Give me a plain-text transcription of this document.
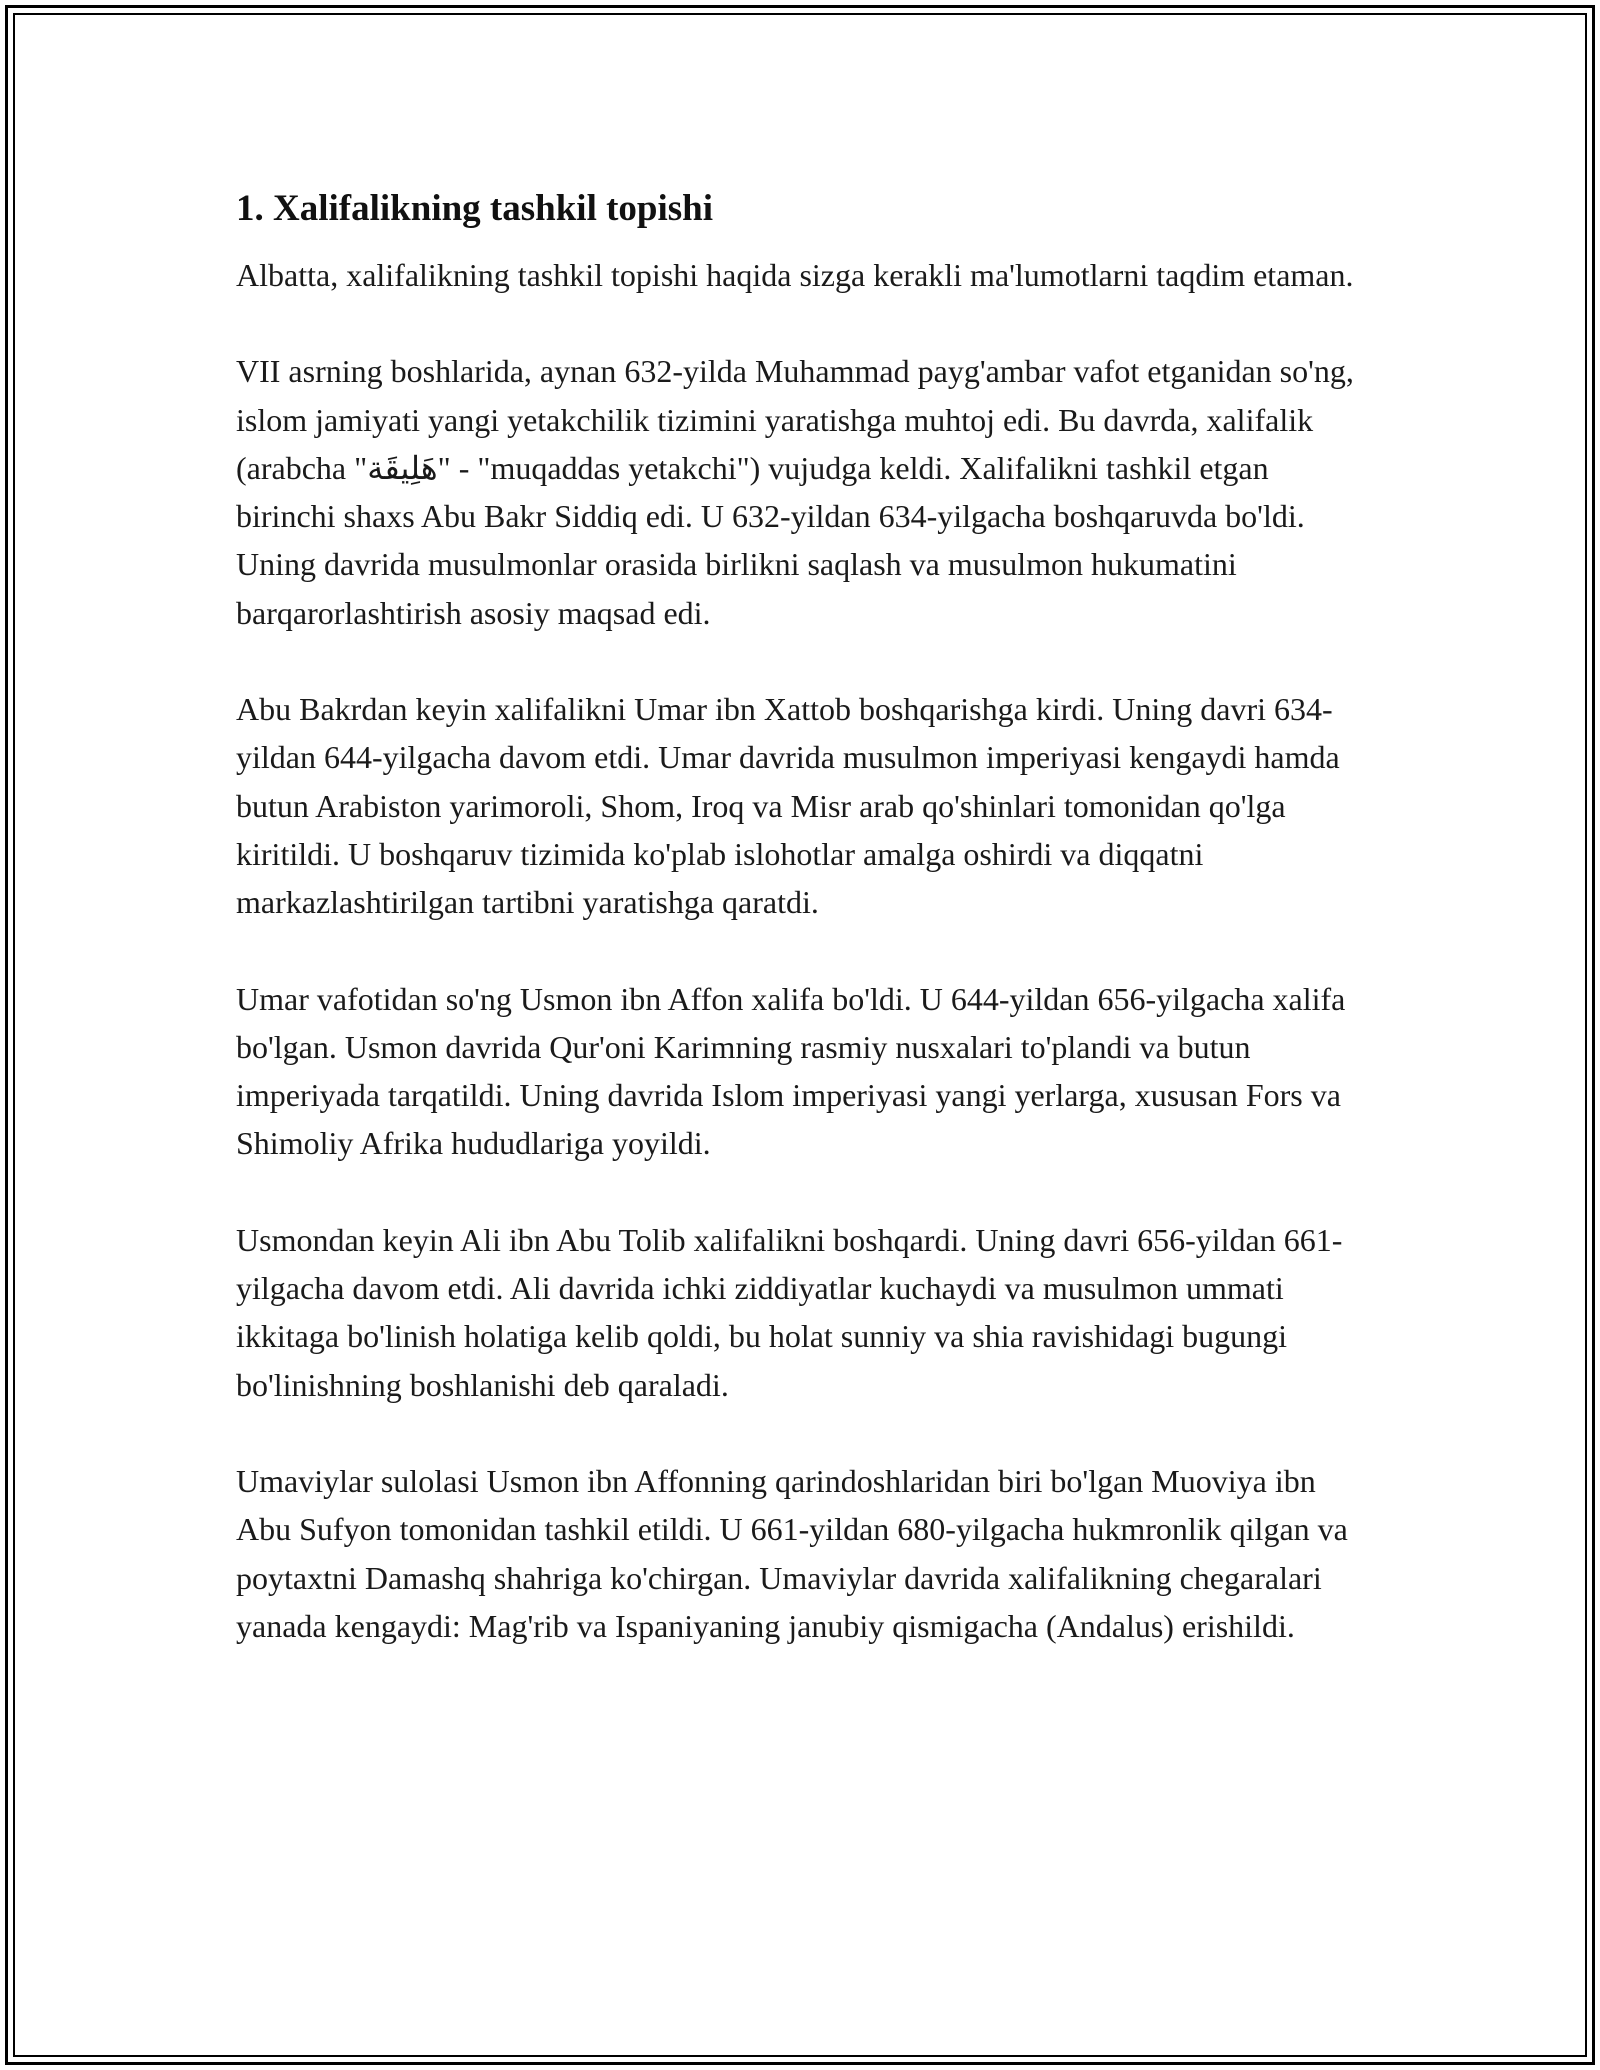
1. Xalifalikning tashkil topishi

Albatta, xalifalikning tashkil topishi haqida sizga kerakli ma'lumotlarni taqdim etaman.

VII asrning boshlarida, aynan 632-yilda Muhammad payg'ambar vafot etganidan so'ng, islom jamiyati yangi yetakchilik tizimini yaratishga muhtoj edi. Bu davrda, xalifalik (arabcha "هَلِيقَة" - "muqaddas yetakchi") vujudga keldi. Xalifalikni tashkil etgan birinchi shaxs Abu Bakr Siddiq edi. U 632-yildan 634-yilgacha boshqaruvda bo'ldi. Uning davrida musulmonlar orasida birlikni saqlash va musulmon hukumatini barqarorlashtirish asosiy maqsad edi.

Abu Bakrdan keyin xalifalikni Umar ibn Xattob boshqarishga kirdi. Uning davri 634-yildan 644-yilgacha davom etdi. Umar davrida musulmon imperiyasi kengaydi hamda butun Arabiston yarimoroli, Shom, Iroq va Misr arab qo'shinlari tomonidan qo'lga kiritildi. U boshqaruv tizimida ko'plab islohotlar amalga oshirdi va diqqatni markazlashtirilgan tartibni yaratishga qaratdi.

Umar vafotidan so'ng Usmon ibn Affon xalifa bo'ldi. U 644-yildan 656-yilgacha xalifa bo'lgan. Usmon davrida Qur'oni Karimning rasmiy nusxalari to'plandi va butun imperiyada tarqatildi. Uning davrida Islom imperiyasi yangi yerlarga, xususan Fors va Shimoliy Afrika hududlariga yoyildi.

Usmondan keyin Ali ibn Abu Tolib xalifalikni boshqardi. Uning davri 656-yildan 661-yilgacha davom etdi. Ali davrida ichki ziddiyatlar kuchaydi va musulmon ummati ikkitaga bo'linish holatiga kelib qoldi, bu holat sunniy va shia ravishidagi bugungi bo'linishning boshlanishi deb qaraladi.

Umaviylar sulolasi Usmon ibn Affonning qarindoshlaridan biri bo'lgan Muoviya ibn Abu Sufyon tomonidan tashkil etildi. U 661-yildan 680-yilgacha hukmronlik qilgan va poytaxtni Damashq shahriga ko'chirgan. Umaviylar davrida xalifalikning chegaralari yanada kengaydi: Mag'rib va Ispaniyaning janubiy qismigacha (Andalus) erishildi.
